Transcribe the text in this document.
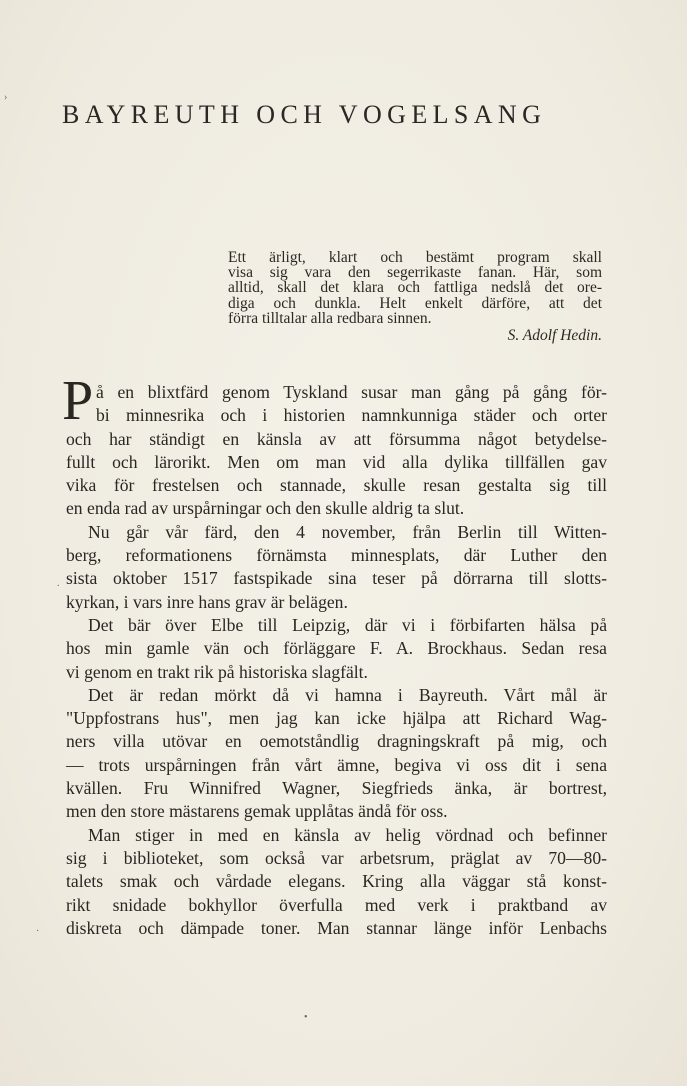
BAYREUTH OCH VOGELSANG
Ett ärligt, klart och bestämt program skall
visa sig vara den segerrikaste fanan. Här, som
alltid, skall det klara och fattliga nedslå det ore-
diga och dunkla. Helt enkelt därföre, att det
förra tilltalar alla redbara sinnen.
S. Adolf Hedin.
P å en blixtfärd genom Tyskland susar man gång på gång för-
bi minnesrika och i historien namnkunniga städer och orter
och har ständigt en känsla av att försumma något betydelse-
fullt och lärorikt. Men om man vid alla dylika tillfällen gav
vika för frestelsen och stannade, skulle resan gestalta sig till
en enda rad av urspårningar och den skulle aldrig ta slut.
Nu går vår färd, den 4 november, från Berlin till Witten-
berg, reformationens förnämsta minnesplats, där Luther den
sista oktober 1517 fastspikade sina teser på dörrarna till slotts-
kyrkan, i vars inre hans grav är belägen.
Det bär över Elbe till Leipzig, där vi i förbifarten hälsa på
hos min gamle vän och förläggare F. A. Brockhaus. Sedan resa
vi genom en trakt rik på historiska slagfält.
Det är redan mörkt då vi hamna i Bayreuth. Vårt mål är
"Uppfostrans hus", men jag kan icke hjälpa att Richard Wag-
ners villa utövar en oemotståndlig dragningskraft på mig, och
— trots urspårningen från vårt ämne, begiva vi oss dit i sena
kvällen. Fru Winnifred Wagner, Siegfrieds änka, är bortrest,
men den store mästarens gemak upplåtas ändå för oss.
Man stiger in med en känsla av helig vördnad och befinner
sig i biblioteket, som också var arbetsrum, präglat av 70—80-
talets smak och vårdade elegans. Kring alla väggar stå konst-
rikt snidade bokhyllor överfulla med verk i praktband av
diskreta och dämpade toner. Man stannar länge inför Lenbachs
›
.
·
•
